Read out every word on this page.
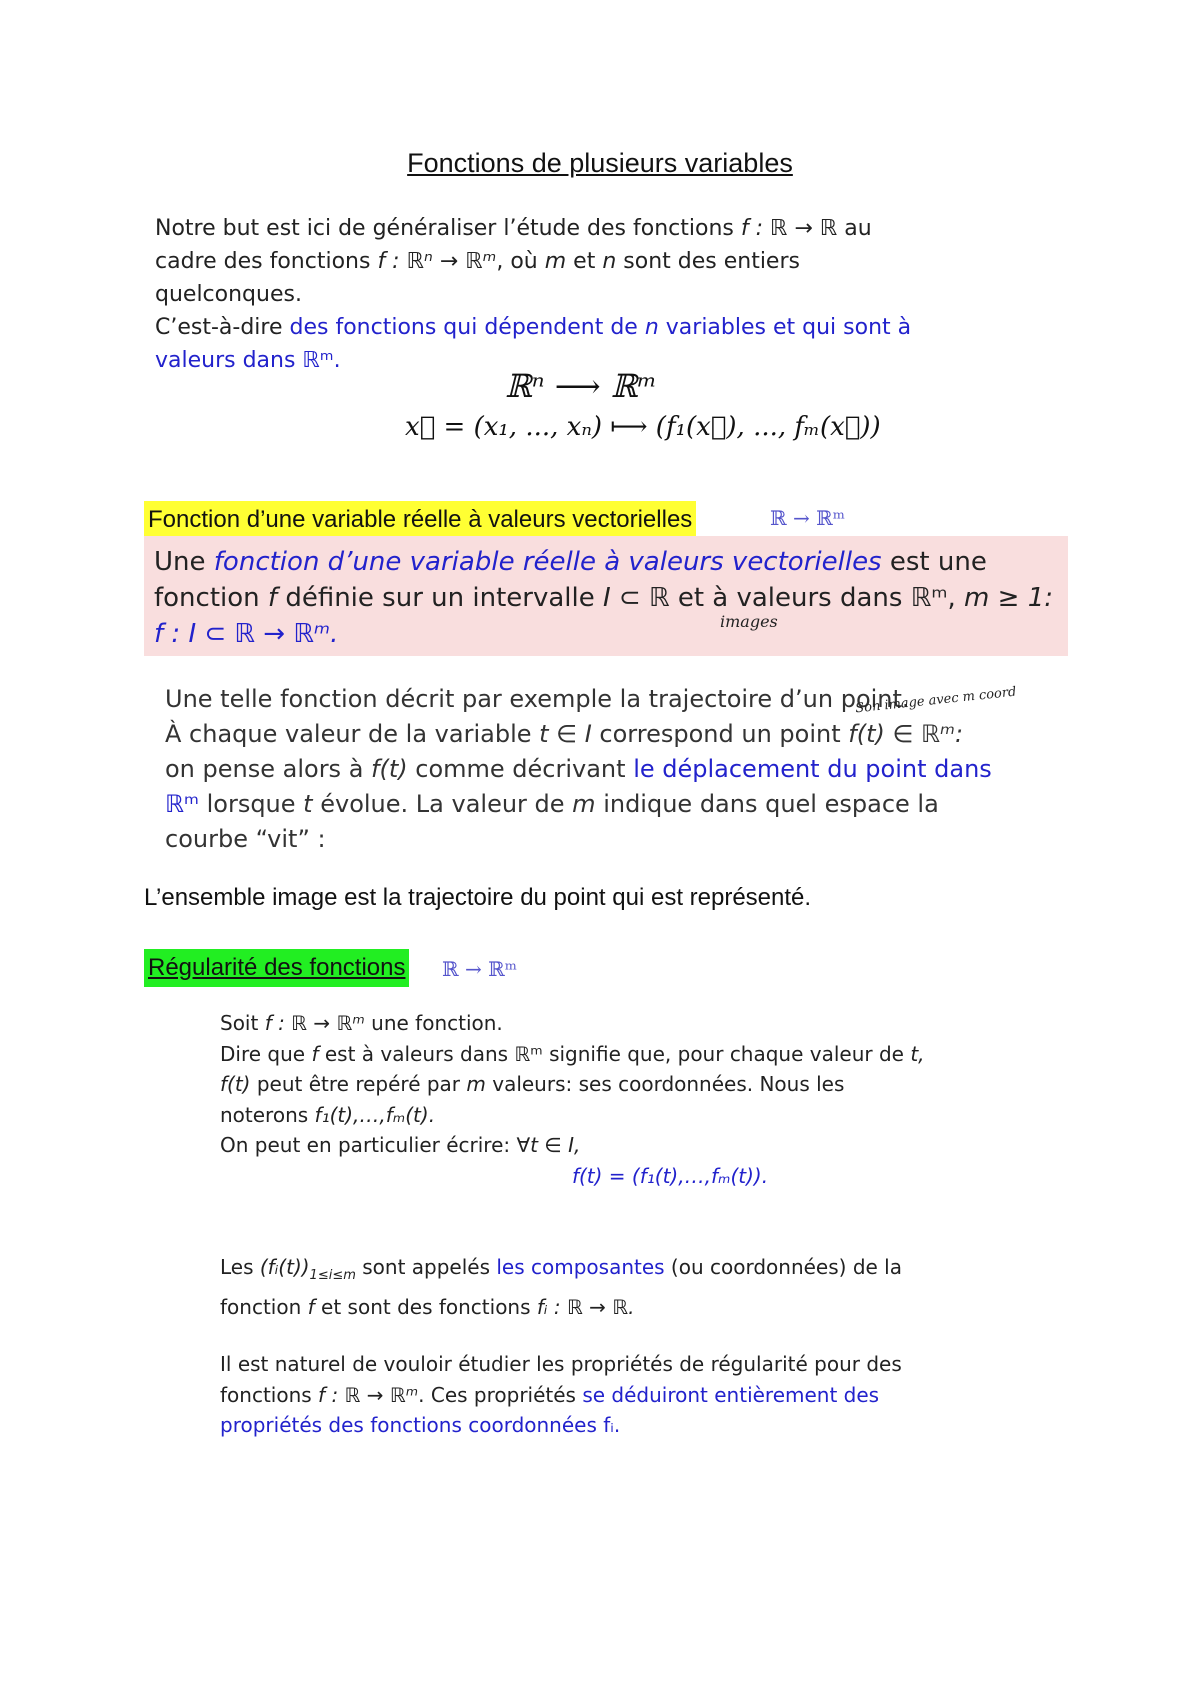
Fonctions de plusieurs variables
Notre but est ici de généraliser l’étude des fonctions f : ℝ → ℝ au
cadre des fonctions f : ℝⁿ → ℝᵐ, où m et n sont des entiers
quelconques.
C’est-à-dire des fonctions qui dépendent de n variables et qui sont à
valeurs dans ℝᵐ.
ℝⁿ ⟶ ℝᵐ
x⃗ = (x₁, ..., xₙ) ⟼ (f₁(x⃗), ..., fₘ(x⃗))
Fonction d’une variable réelle à valeurs vectorielles	ℝ → ℝᵐ
Une fonction d’une variable réelle à valeurs vectorielles est une
fonction f définie sur un intervalle I ⊂ ℝ et à valeurs dans ℝᵐ, m ≥ 1:
f : I ⊂ ℝ → ℝᵐ.	images
Une telle fonction décrit par exemple la trajectoire d’un point.
À chaque valeur de la variable t ∈ I correspond un point f(t) ∈ ℝᵐ:
on pense alors à f(t) comme décrivant le déplacement du point dans
ℝᵐ lorsque t évolue. La valeur de m indique dans quel espace la
courbe “vit” :
Son image avec m coord
L’ensemble image est la trajectoire du point qui est représenté.
Régularité des fonctions ℝ → ℝᵐ

Soit f : ℝ → ℝᵐ une fonction.

Dire que f est à valeurs dans ℝᵐ signifie que, pour chaque valeur de t,

f(t) peut être repéré par m valeurs: ses coordonnées. Nous les

noterons f₁(t),…,fₘ(t).

On peut en particulier écrire: ∀t ∈ I,

f(t) = (f₁(t),…,fₘ(t)).

Les $(fᵢ(t))_{1\le i\le m}$ sont appelés les composantes (ou coordonnées) de la

fonction f et sont des fonctions fᵢ : ℝ → ℝ.

Il est naturel de vouloir étudier les propriétés de régularité pour des

fonctions f : ℝ → ℝᵐ. Ces propriétés se déduiront entièrement des

propriétés des fonctions coordonnées fᵢ.
